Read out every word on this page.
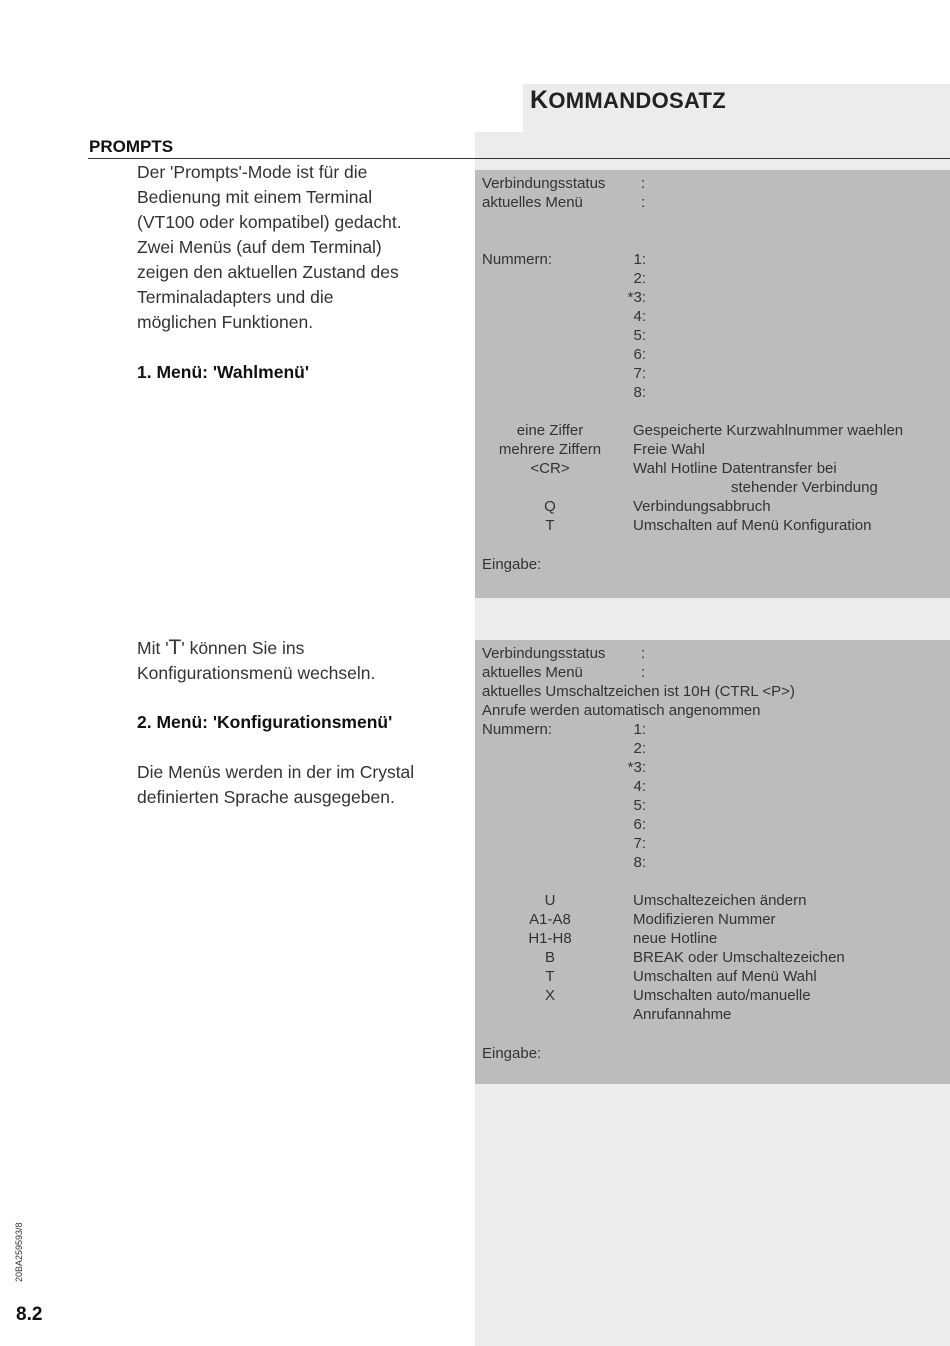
KOMMANDOSATZ
PROMPTS
Der 'Prompts'-Mode ist für die
Bedienung mit einem Terminal
(VT100 oder kompatibel) gedacht.
Zwei Menüs (auf dem Terminal)
zeigen den aktuellen Zustand des
Terminaladapters und die
möglichen Funktionen.
1. Menü: 'Wahlmenü'
Mit 'T' können Sie ins
Konfigurationsmenü wechseln.
2. Menü: 'Konfigurationsmenü'
Die Menüs werden in der im Crystal
definierten Sprache ausgegeben.
Verbindungsstatus :
aktuelles Menü	:
Nummern:	1:
2:
*3:
4:
5:
6:
7:
8:
eine Ziffer	Gespeicherte Kurzwahlnummer waehlen
mehrere Ziffern	Freie Wahl
<CR>	Wahl Hotline Datentransfer bei
stehender Verbindung
Q	Verbindungsabbruch
T	Umschalten auf Menü Konfiguration
Eingabe:
Verbindungsstatus :
aktuelles Menü	:
aktuelles Umschaltzeichen ist 10H (CTRL <P>)
Anrufe werden automatisch angenommen
Nummern:	1:
2:
*3:
4:
5:
6:
7:
8:
U	Umschaltezeichen ändern
A1-A8	Modifizieren Nummer
H1-H8	neue Hotline
B	BREAK oder Umschaltezeichen
T	Umschalten auf Menü Wahl
X	Umschalten auto/manuelle
Anrufannahme
Eingabe:
20BA259593/8
8.2
